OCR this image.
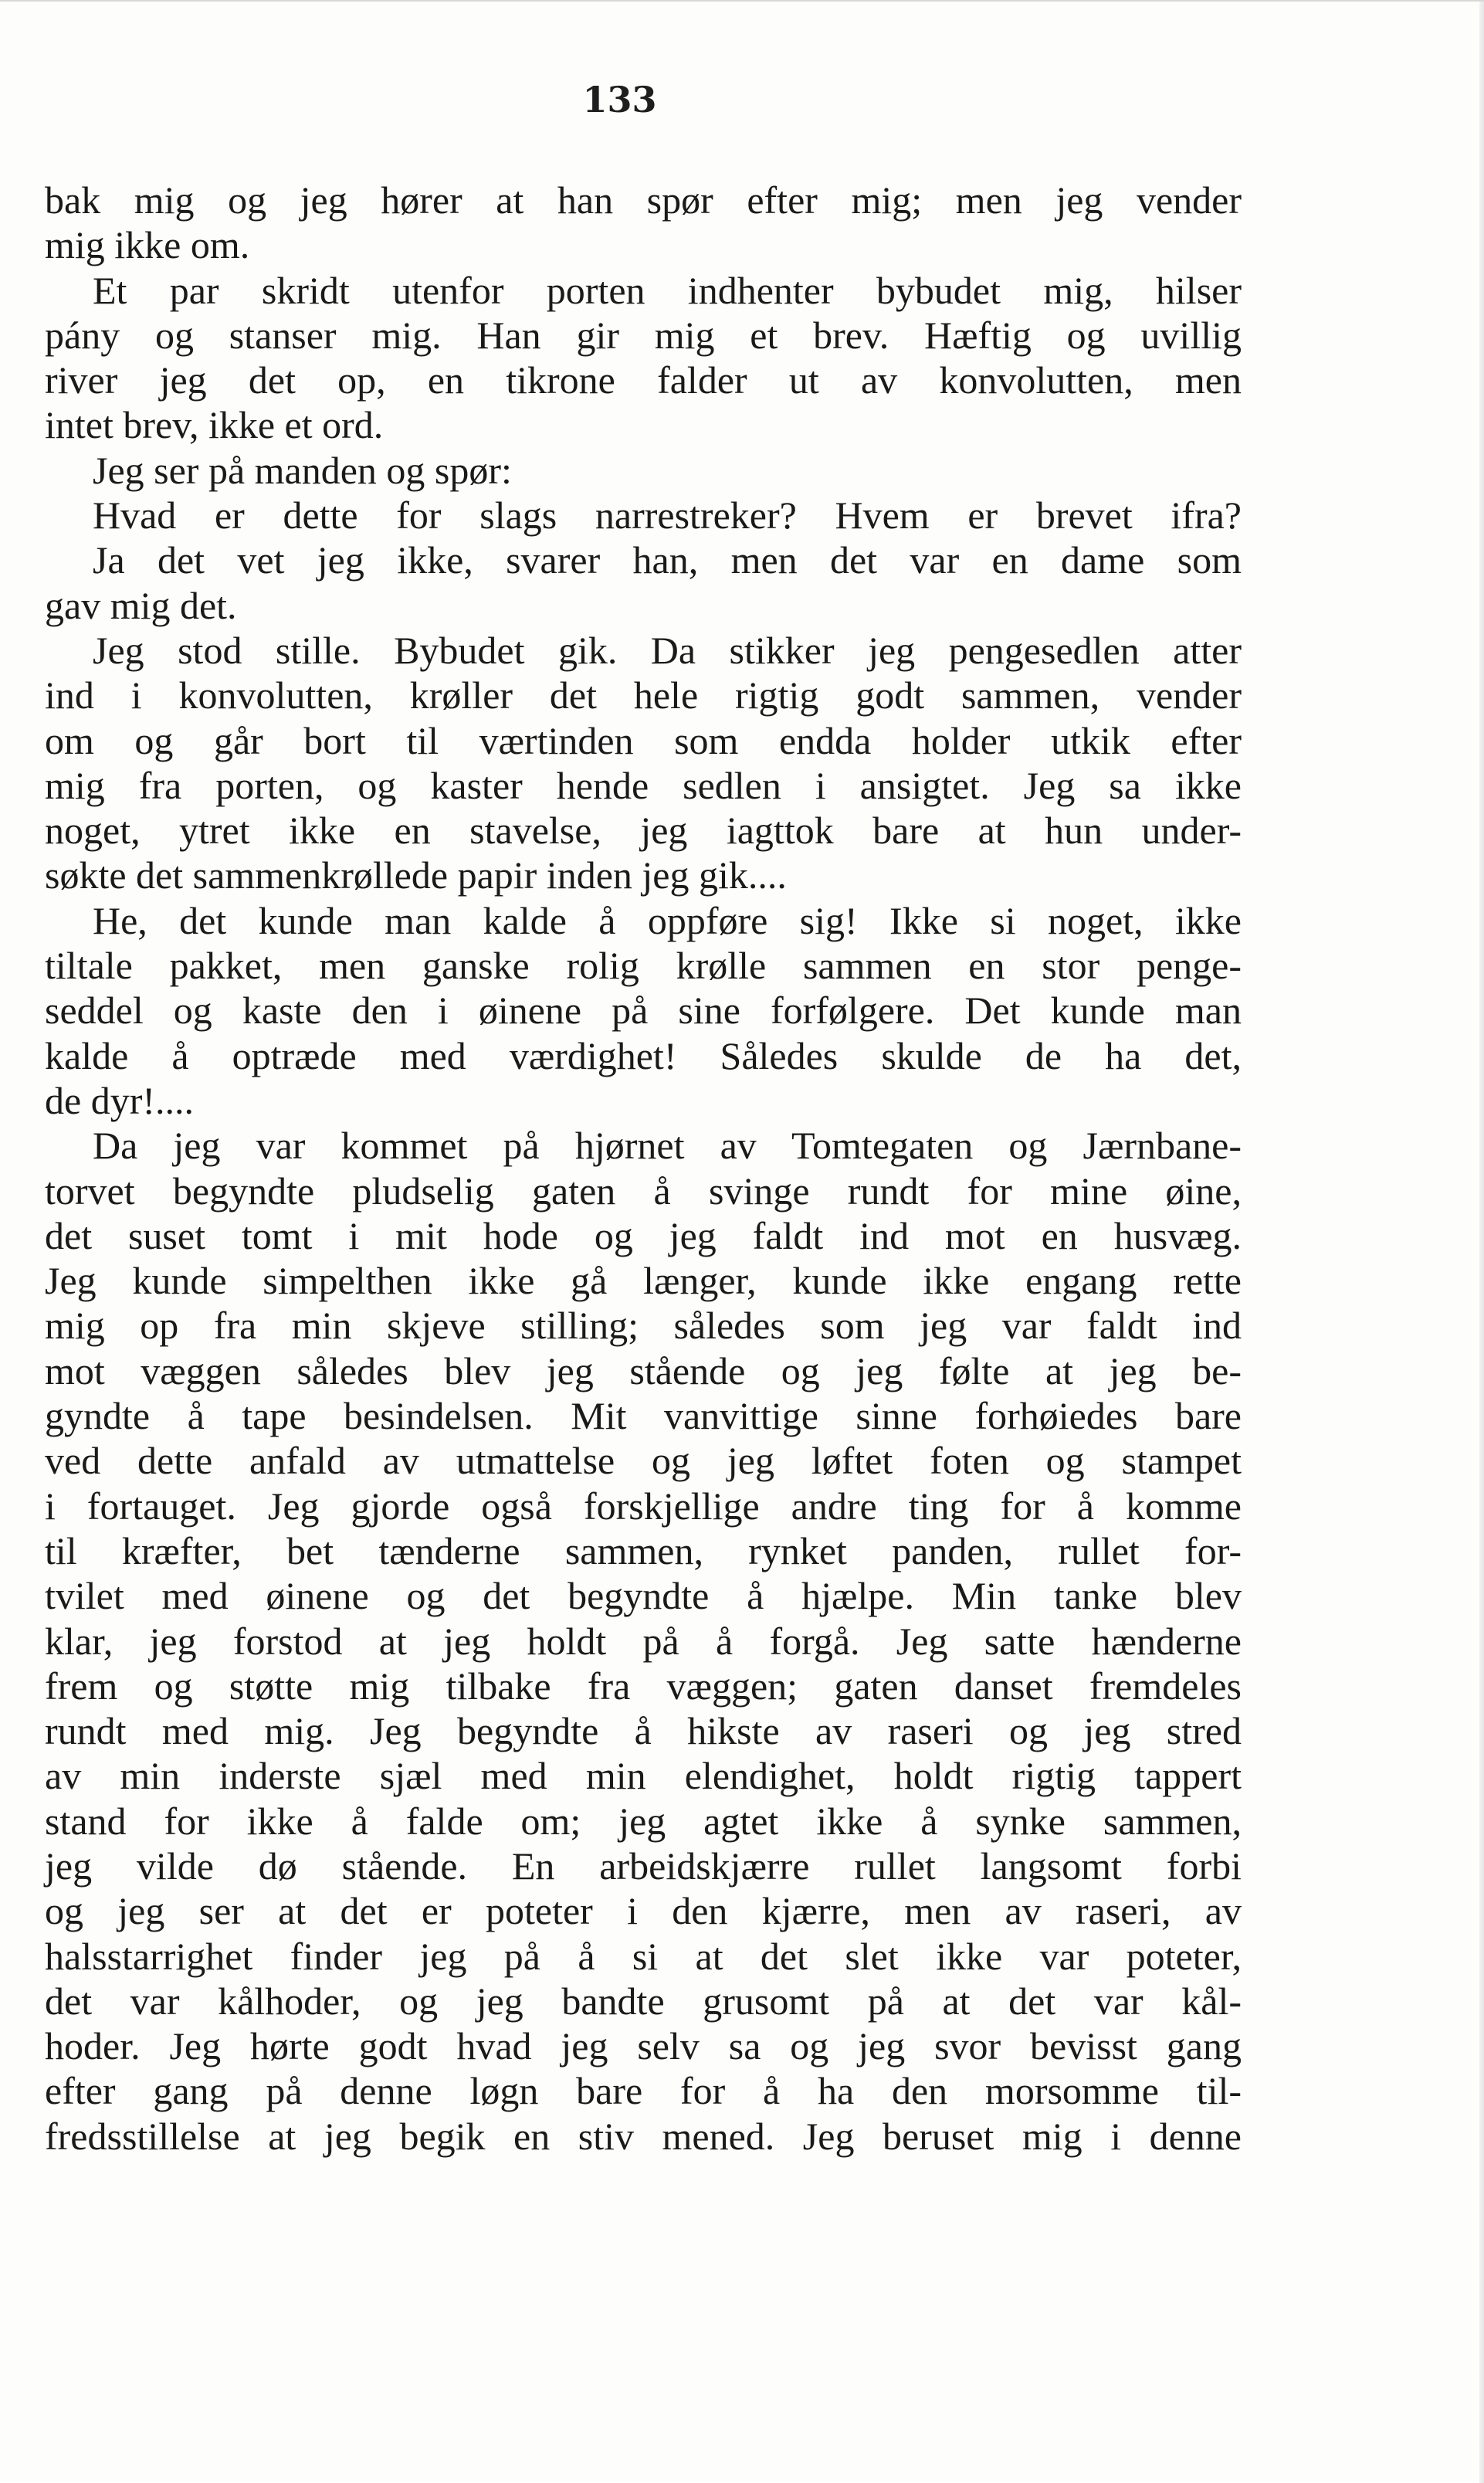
133

bak mig og jeg hører at han spør efter mig; men jeg vender
mig ikke om.
Et par skridt utenfor porten indhenter bybudet mig, hilser
pány og stanser mig. Han gir mig et brev. Hæftig og uvillig
river jeg det op, en tikrone falder ut av konvolutten, men
intet brev, ikke et ord.
Jeg ser på manden og spør:
Hvad er dette for slags narrestreker? Hvem er brevet ifra?
Ja det vet jeg ikke, svarer han, men det var en dame som
gav mig det.
Jeg stod stille. Bybudet gik. Da stikker jeg pengesedlen atter
ind i konvolutten, krøller det hele rigtig godt sammen, vender
om og går bort til værtinden som endda holder utkik efter
mig fra porten, og kaster hende sedlen i ansigtet. Jeg sa ikke
noget, ytret ikke en stavelse, jeg iagttok bare at hun under-
søkte det sammenkrøllede papir inden jeg gik....
He, det kunde man kalde å oppføre sig! Ikke si noget, ikke
tiltale pakket, men ganske rolig krølle sammen en stor penge-
seddel og kaste den i øinene på sine forfølgere. Det kunde man
kalde å optræde med værdighet! Således skulde de ha det,
de dyr!....
Da jeg var kommet på hjørnet av Tomtegaten og Jærnbane-
torvet begyndte pludselig gaten å svinge rundt for mine øine,
det suset tomt i mit hode og jeg faldt ind mot en husvæg.
Jeg kunde simpelthen ikke gå længer, kunde ikke engang rette
mig op fra min skjeve stilling; således som jeg var faldt ind
mot væggen således blev jeg stående og jeg følte at jeg be-
gyndte å tape besindelsen. Mit vanvittige sinne forhøiedes bare
ved dette anfald av utmattelse og jeg løftet foten og stampet
i fortauget. Jeg gjorde også forskjellige andre ting for å komme
til kræfter, bet tænderne sammen, rynket panden, rullet for-
tvilet med øinene og det begyndte å hjælpe. Min tanke blev
klar, jeg forstod at jeg holdt på å forgå. Jeg satte hænderne
frem og støtte mig tilbake fra væggen; gaten danset fremdeles
rundt med mig. Jeg begyndte å hikste av raseri og jeg stred
av min inderste sjæl med min elendighet, holdt rigtig tappert
stand for ikke å falde om; jeg agtet ikke å synke sammen,
jeg vilde dø stående. En arbeidskjærre rullet langsomt forbi
og jeg ser at det er poteter i den kjærre, men av raseri, av
halsstarrighet finder jeg på å si at det slet ikke var poteter,
det var kålhoder, og jeg bandte grusomt på at det var kål-
hoder. Jeg hørte godt hvad jeg selv sa og jeg svor bevisst gang
efter gang på denne løgn bare for å ha den morsomme til-
fredsstillelse at jeg begik en stiv mened. Jeg beruset mig i denne
